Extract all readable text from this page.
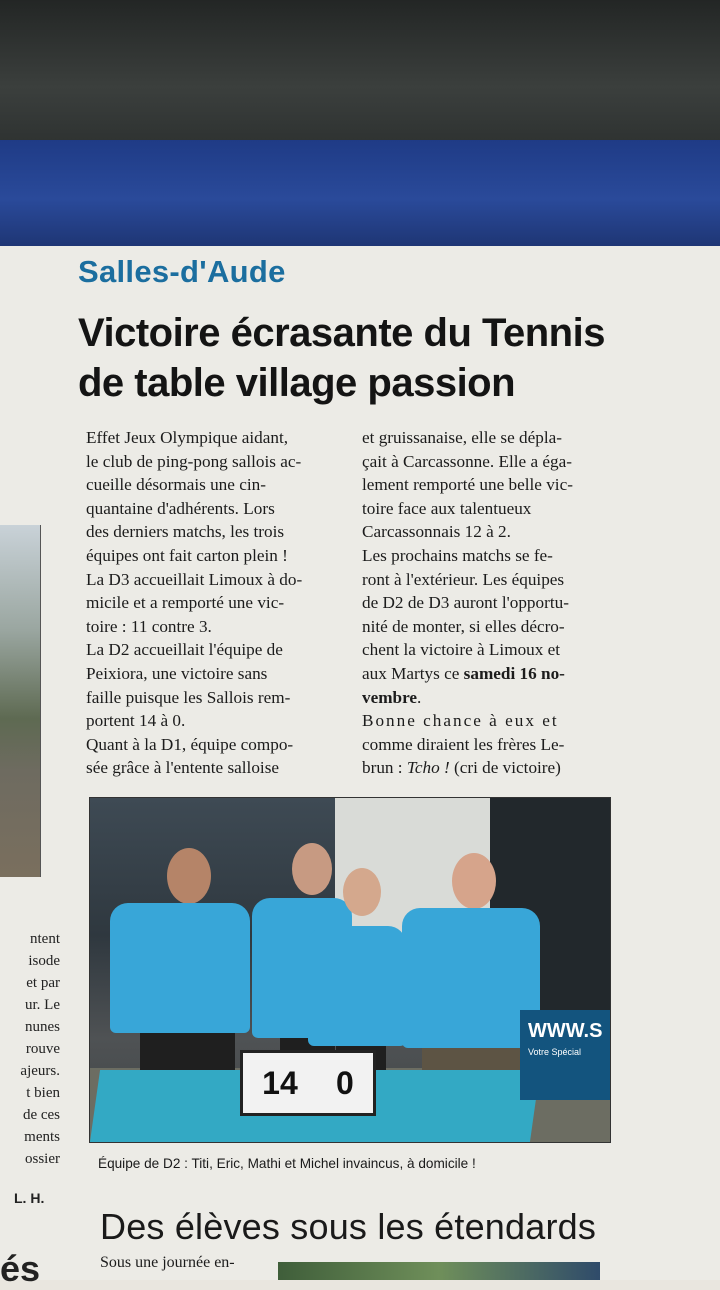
ntent
isode
et par
ur. Le
nunes
rouve
ajeurs.
t bien
de ces
ments
ossier
L. H.
és
Salles-d'Aude
Victoire écrasante du Tennis
de table village passion
Effet Jeux Olympique aidant,
le club de ping-pong sallois ac-
cueille désormais une cin-
quantaine d'adhérents. Lors
des derniers matchs, les trois
équipes ont fait carton plein !
La D3 accueillait Limoux à do-
micile et a remporté une vic-
toire : 11 contre 3.
La D2 accueillait l'équipe de
Peixiora, une victoire sans
faille puisque les Sallois rem-
portent 14 à 0.
Quant à la D1, équipe compo-
sée grâce à l'entente salloise
et gruissanaise, elle se dépla-
çait à Carcassonne. Elle a éga-
lement remporté une belle vic-
toire face aux talentueux
Carcassonnais 12 à 2.
Les prochains matchs se fe-
ront à l'extérieur. Les équipes
de D2 de D3 auront l'opportu-
nité de monter, si elles décro-
chent la victoire à Limoux et
aux Martys ce samedi 16 no-
vembre.
Bonne chance à eux et
comme diraient les frères Le-
brun : Tcho ! (cri de victoire)
14 0
WWW.S
Votre Spécial
Équipe de D2 : Titi, Eric, Mathi et Michel invaincus, à domicile !
Des élèves sous les étendards
Sous une journée en-
